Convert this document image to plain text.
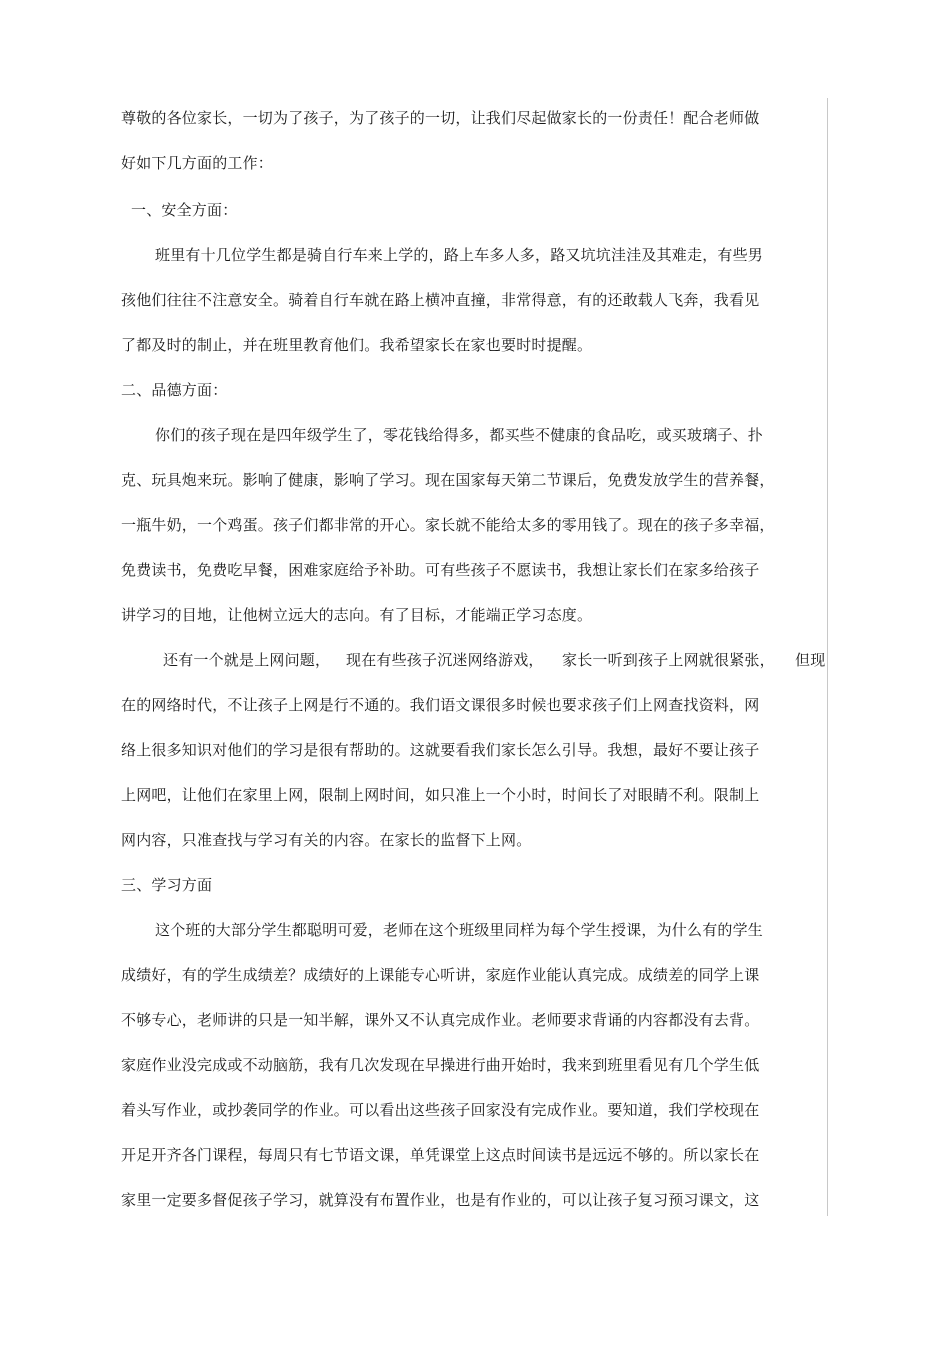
尊敬的各位家长，一切为了孩子，为了孩子的一切，让我们尽起做家长的一份责任！配合老师做
好如下几方面的工作：
一、安全方面：
班里有十几位学生都是骑自行车来上学的，路上车多人多，路又坑坑洼洼及其难走，有些男
孩他们往往不注意安全。骑着自行车就在路上横冲直撞，非常得意，有的还敢载人飞奔，我看见
了都及时的制止，并在班里教育他们。我希望家长在家也要时时提醒。
二、品德方面：
你们的孩子现在是四年级学生了，零花钱给得多，都买些不健康的食品吃，或买玻璃子、扑
克、玩具炮来玩。影响了健康，影响了学习。现在国家每天第二节课后，免费发放学生的营养餐，
一瓶牛奶，一个鸡蛋。孩子们都非常的开心。家长就不能给太多的零用钱了。现在的孩子多幸福，
免费读书，免费吃早餐，困难家庭给予补助。可有些孩子不愿读书，我想让家长们在家多给孩子
讲学习的目地，让他树立远大的志向。有了目标，才能端正学习态度。
还有一个就是上网问题， 现在有些孩子沉迷网络游戏， 家长一听到孩子上网就很紧张， 但现
在的网络时代，不让孩子上网是行不通的。我们语文课很多时候也要求孩子们上网查找资料，网
络上很多知识对他们的学习是很有帮助的。这就要看我们家长怎么引导。我想，最好不要让孩子
上网吧，让他们在家里上网，限制上网时间，如只准上一个小时，时间长了对眼睛不利。限制上
网内容，只准查找与学习有关的内容。在家长的监督下上网。
三、学习方面
这个班的大部分学生都聪明可爱，老师在这个班级里同样为每个学生授课，为什么有的学生
成绩好，有的学生成绩差？成绩好的上课能专心听讲，家庭作业能认真完成。成绩差的同学上课
不够专心，老师讲的只是一知半解，课外又不认真完成作业。老师要求背诵的内容都没有去背。
家庭作业没完成或不动脑筋，我有几次发现在早操进行曲开始时，我来到班里看见有几个学生低
着头写作业，或抄袭同学的作业。可以看出这些孩子回家没有完成作业。要知道，我们学校现在
开足开齐各门课程，每周只有七节语文课，单凭课堂上这点时间读书是远远不够的。所以家长在
家里一定要多督促孩子学习，就算没有布置作业，也是有作业的，可以让孩子复习预习课文，这
